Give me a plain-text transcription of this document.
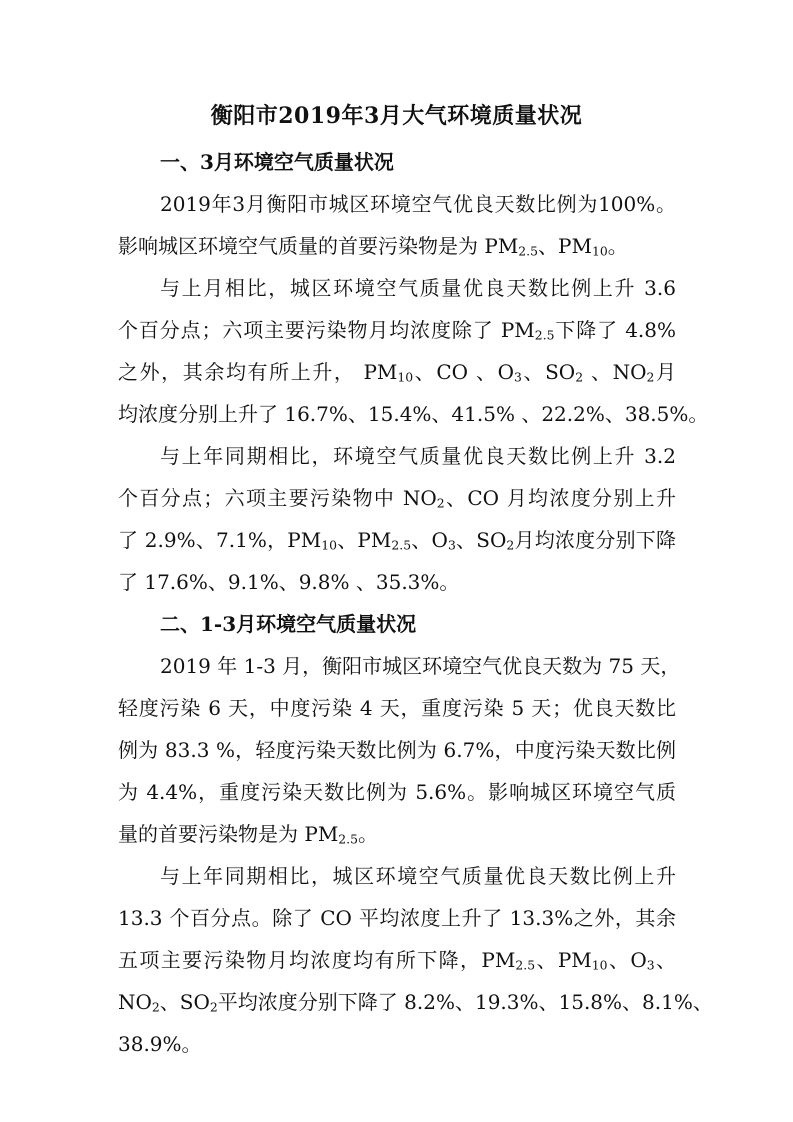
衡阳市2019年3月大气环境质量状况
一、3月环境空气质量状况
2019年3月衡阳市城区环境空气优良天数比例为100%。
影响城区环境空气质量的首要污染物是为 $PM_{2.5}$、$PM_{10}$。
与上月相比，城区环境空气质量优良天数比例上升 3.6
个百分点；六项主要污染物月均浓度除了 $PM_{2.5}$下降了 4.8%
之外，其余均有所上升， $PM_{10}$、CO 、$O_3$、$SO_2$ 、$NO_2$月
均浓度分别上升了 16.7%、15.4%、41.5% 、22.2%、38.5%。
与上年同期相比，环境空气质量优良天数比例上升 3.2
个百分点；六项主要污染物中 $NO_2$、CO 月均浓度分别上升
了 2.9%、7.1%，$PM_{10}$、$PM_{2.5}$、$O_3$、$SO_2$月均浓度分别下降
了 17.6%、9.1%、9.8% 、35.3%。
二、1-3月环境空气质量状况
2019 年 1-3 月，衡阳市城区环境空气优良天数为 75 天，
轻度污染 6 天，中度污染 4 天，重度污染 5 天；优良天数比
例为 83.3 %，轻度污染天数比例为 6.7%，中度污染天数比例
为 4.4%，重度污染天数比例为 5.6%。影响城区环境空气质
量的首要污染物是为 $PM_{2.5}$。
与上年同期相比，城区环境空气质量优良天数比例上升
13.3 个百分点。除了 CO 平均浓度上升了 13.3%之外，其余
五项主要污染物月均浓度均有所下降，$PM_{2.5}$、$PM_{10}$、$O_3$、
$NO_2$、$SO_2$平均浓度分别下降了 8.2%、19.3%、15.8%、8.1%、
38.9%。
